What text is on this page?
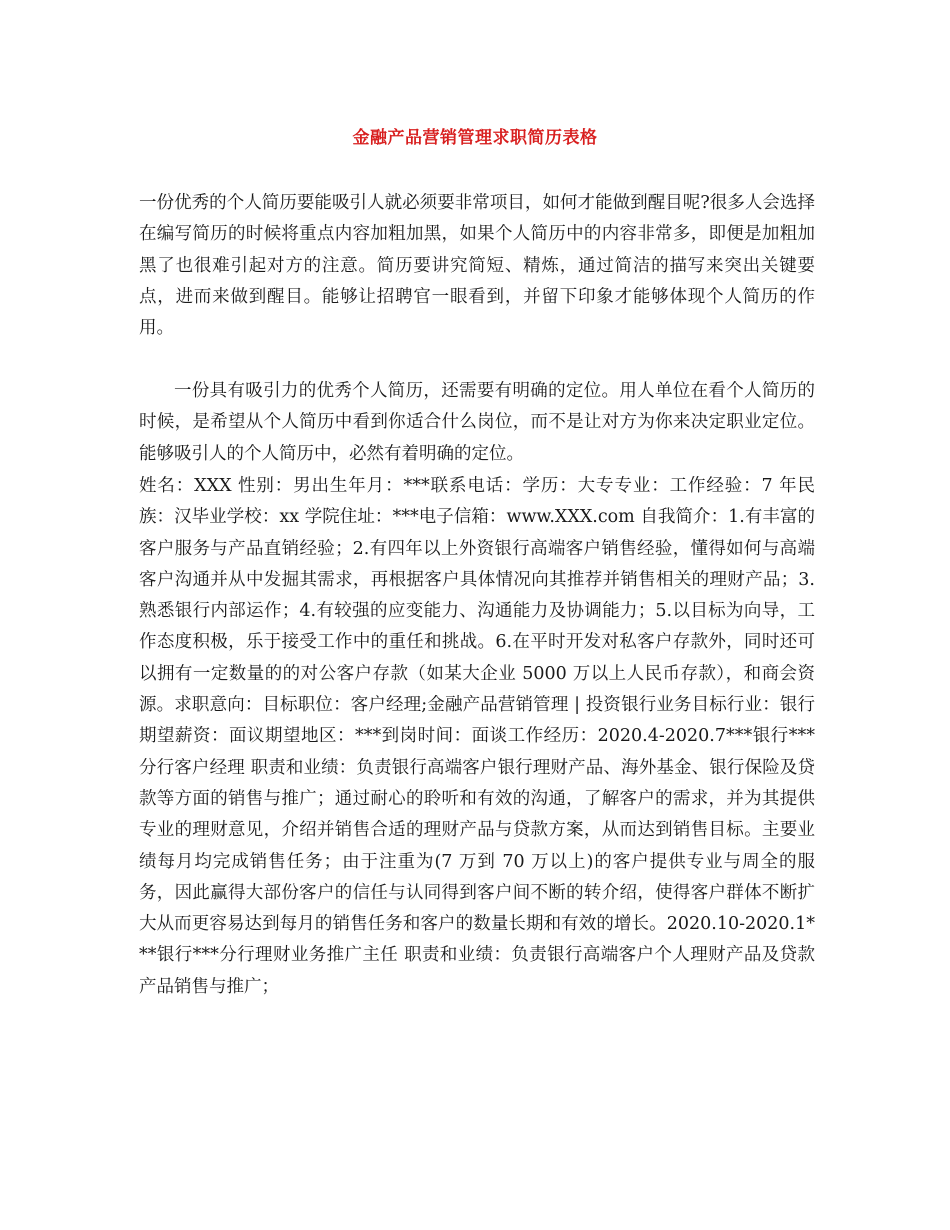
金融产品营销管理求职简历表格

一份优秀的个人简历要能吸引人就必须要非常项目，如何才能做到醒目呢?很多人会选择在编写简历的时候将重点内容加粗加黑，如果个人简历中的内容非常多，即便是加粗加黑了也很难引起对方的注意。简历要讲究简短、精炼，通过简洁的描写来突出关键要点，进而来做到醒目。能够让招聘官一眼看到，并留下印象才能够体现个人简历的作用。

一份具有吸引力的优秀个人简历，还需要有明确的定位。用人单位在看个人简历的时候，是希望从个人简历中看到你适合什么岗位，而不是让对方为你来决定职业定位。能够吸引人的个人简历中，必然有着明确的定位。

姓名：XXX 性别：男出生年月：***联系电话：学历：大专专业：工作经验：7 年民族：汉毕业学校：xx 学院住址：***电子信箱：www.XXX.com 自我简介：1.有丰富的客户服务与产品直销经验；2.有四年以上外资银行高端客户销售经验，懂得如何与高端客户沟通并从中发掘其需求，再根据客户具体情况向其推荐并销售相关的理财产品；3.熟悉银行内部运作；4.有较强的应变能力、沟通能力及协调能力；5.以目标为向导，工作态度积极，乐于接受工作中的重任和挑战。6.在平时开发对私客户存款外，同时还可以拥有一定数量的的对公客户存款（如某大企业 5000 万以上人民币存款），和商会资源。求职意向：目标职位：客户经理;金融产品营销管理 | 投资银行业务目标行业：银行期望薪资：面议期望地区：***到岗时间：面谈工作经历：2020.4-2020.7***银行***分行客户经理 职责和业绩：负责银行高端客户银行理财产品、海外基金、银行保险及贷款等方面的销售与推广；通过耐心的聆听和有效的沟通，了解客户的需求，并为其提供专业的理财意见，介绍并销售合适的理财产品与贷款方案，从而达到销售目标。主要业绩每月均完成销售任务；由于注重为(7 万到 70 万以上)的客户提供专业与周全的服务，因此赢得大部份客户的信任与认同得到客户间不断的转介绍，使得客户群体不断扩大从而更容易达到每月的销售任务和客户的数量长期和有效的增长。2020.10-2020.1***银行***分行理财业务推广主任 职责和业绩：负责银行高端客户个人理财产品及贷款产品销售与推广；
